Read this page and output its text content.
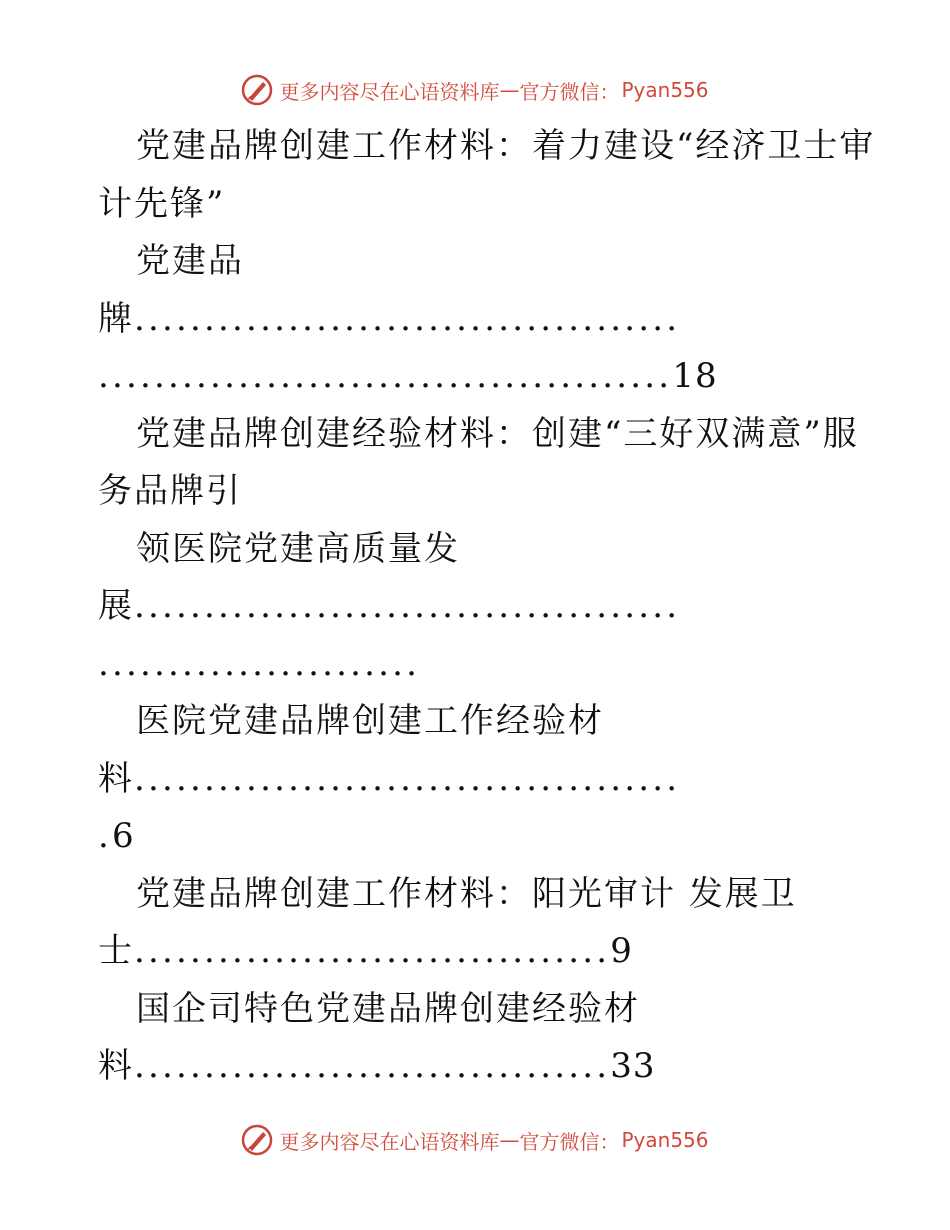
更多内容尽在心语资料库 — 官方微信： Pyan556
党建品牌创建工作材料：着力建设“经济卫士审
计先锋”
党建品
牌.......................................
.........................................18
党建品牌创建经验材料：创建“三好双满意”服
务品牌引
领医院党建高质量发
展.......................................
.......................
医院党建品牌创建工作经验材
料.......................................
.6
党建品牌创建工作材料：阳光审计 发展卫
士..................................9
国企司特色党建品牌创建经验材
料..................................33
更多内容尽在心语资料库 — 官方微信： Pyan556
